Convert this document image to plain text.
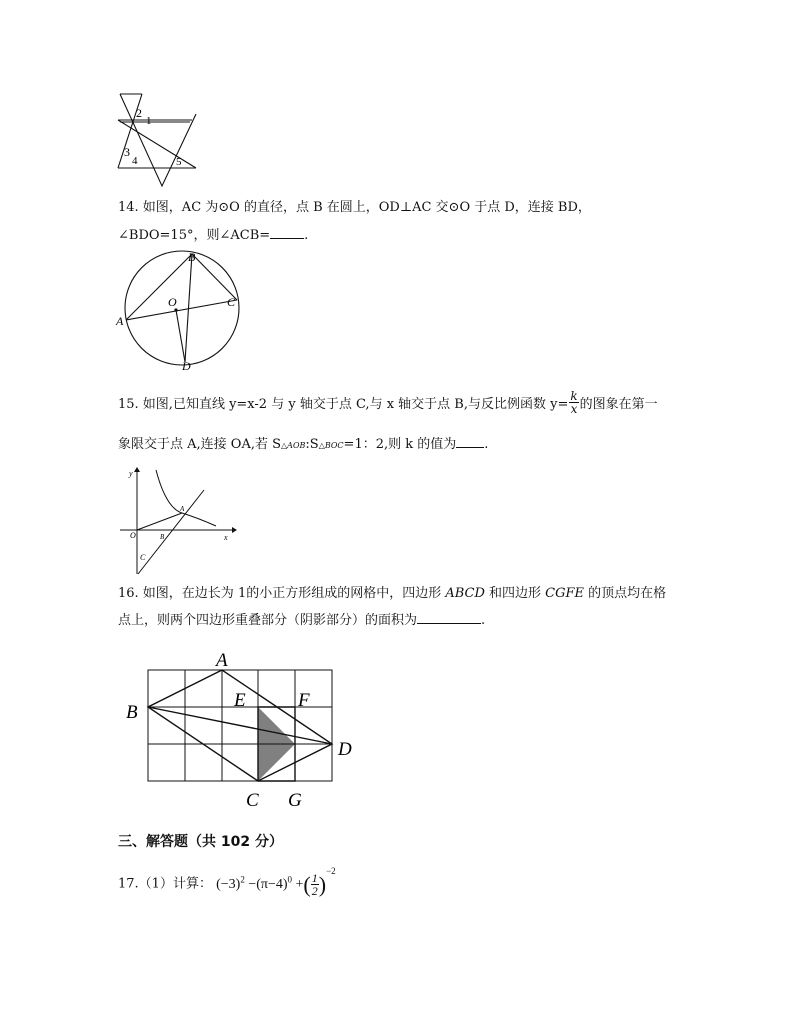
2
1
3
4	5
14. 如图，AC 为⊙O 的直径，点 B 在圆上，OD⊥AC 交⊙O 于点 D，连接 BD，
∠BDO=15°，则∠ACB=	.
B
C
A
O
D
15. 如图,已知直线 y=x-2 与 y 轴交于点 C,与 x 轴交于点 B,与反比例函数 $y= \frac{k}{x}$ 的图象在第一
象限交于点 A,连接 OA,若 S△AOB:S△BOC=1：2,则 k 的值为 .
y
x
O
A
B
C
16. 如图，在边长为 1的小正方形组成的网格中，四边形 ABCD 和四边形 CGFE 的顶点均在格
点上，则两个四边形重叠部分（阴影部分）的面积为	.
A
B
E	F
D
C G
三、解答题（共 102 分）
17.（1）计算： $(-3)^2 -(\pi-4)^0$ +( $\frac{1}{2} )^{-2}$
